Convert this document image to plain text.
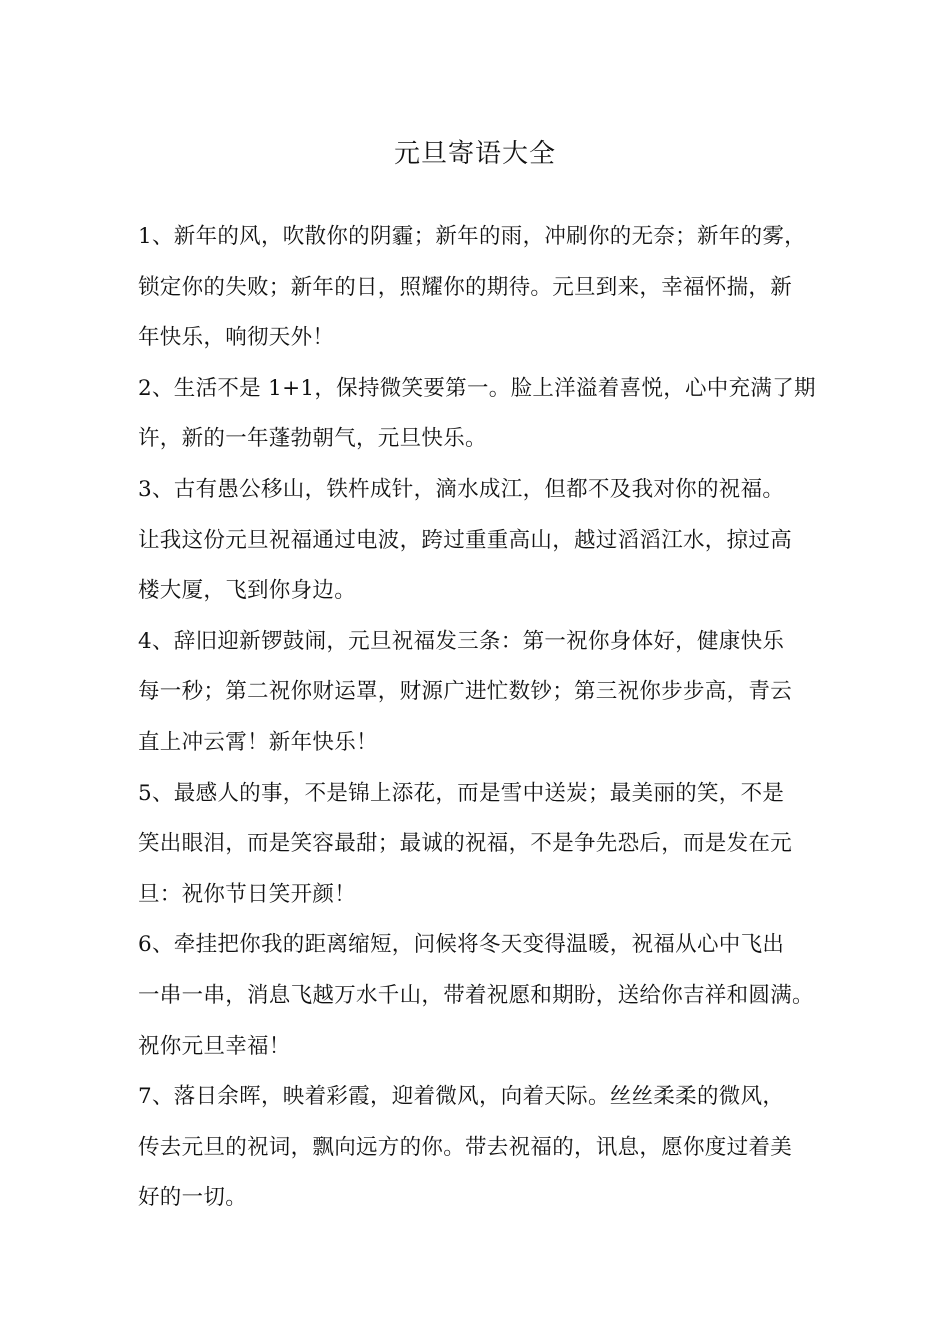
元旦寄语大全
1、新年的风，吹散你的阴霾；新年的雨，冲刷你的无奈；新年的雾，
锁定你的失败；新年的日，照耀你的期待。元旦到来，幸福怀揣，新
年快乐，响彻天外！
2、生活不是 1+1，保持微笑要第一。脸上洋溢着喜悦，心中充满了期
许，新的一年蓬勃朝气，元旦快乐。
3、古有愚公移山，铁杵成针，滴水成江，但都不及我对你的祝福。
让我这份元旦祝福通过电波，跨过重重高山，越过滔滔江水，掠过高
楼大厦，飞到你身边。
4、辞旧迎新锣鼓闹，元旦祝福发三条：第一祝你身体好，健康快乐
每一秒；第二祝你财运罩，财源广进忙数钞；第三祝你步步高，青云
直上冲云霄！新年快乐！
5、最感人的事，不是锦上添花，而是雪中送炭；最美丽的笑，不是
笑出眼泪，而是笑容最甜；最诚的祝福，不是争先恐后，而是发在元
旦：祝你节日笑开颜！
6、牵挂把你我的距离缩短，问候将冬天变得温暖，祝福从心中飞出
一串一串，消息飞越万水千山，带着祝愿和期盼，送给你吉祥和圆满。
祝你元旦幸福！
7、落日余晖，映着彩霞，迎着微风，向着天际。丝丝柔柔的微风，
传去元旦的祝词，飘向远方的你。带去祝福的，讯息，愿你度过着美
好的一切。
